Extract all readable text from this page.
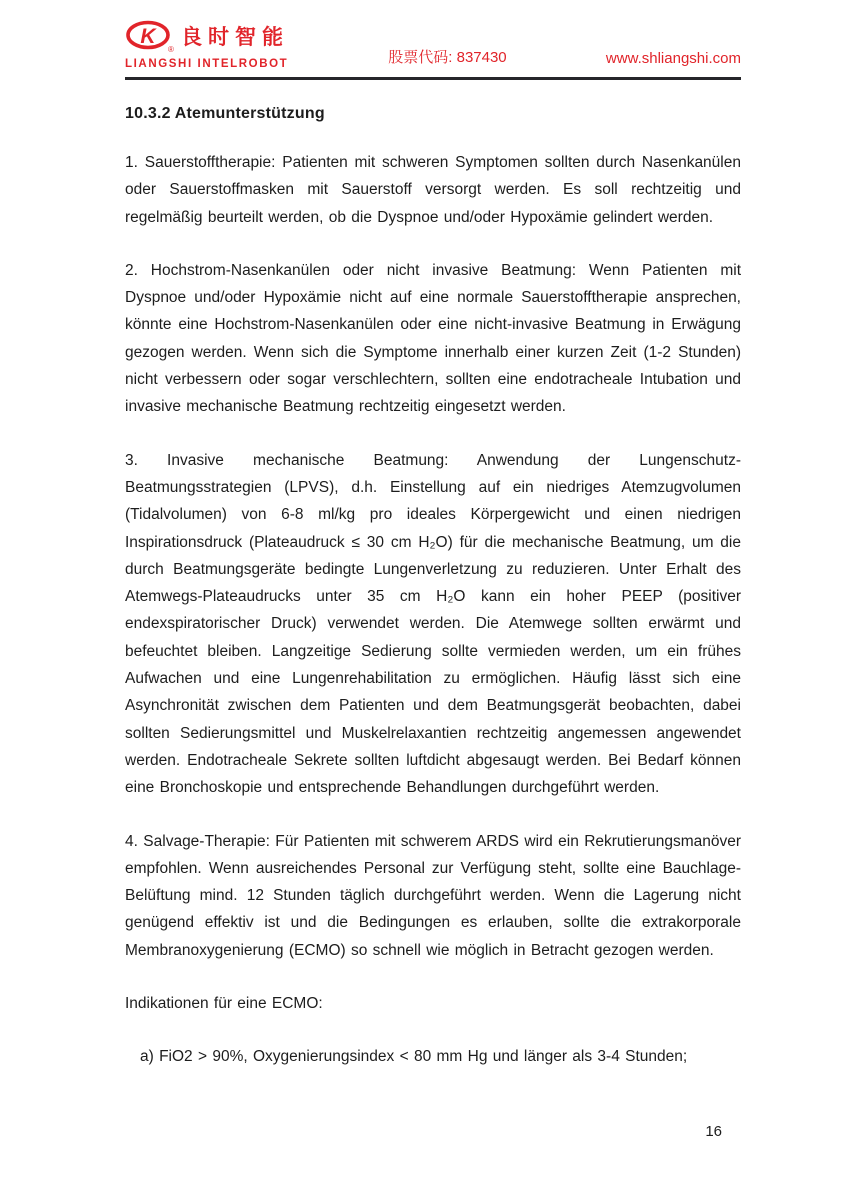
K
®
良时智能
LIANGSHI INTELROBOT	股票代码: 837430	www.shliangshi.com
10.3.2 Atemunterstützung

1. Sauerstofftherapie: Patienten mit schweren Symptomen sollten durch Nasenkanülen oder Sauerstoffmasken mit Sauerstoff versorgt werden. Es soll rechtzeitig und regelmäßig beurteilt werden, ob die Dyspnoe und/oder Hypoxämie gelindert werden.

2. Hochstrom-Nasenkanülen oder nicht invasive Beatmung: Wenn Patienten mit Dyspnoe und/oder Hypoxämie nicht auf eine normale Sauerstofftherapie ansprechen, könnte eine Hochstrom-Nasenkanülen oder eine nicht-invasive Beatmung in Erwägung gezogen werden. Wenn sich die Symptome innerhalb einer kurzen Zeit (1-2 Stunden) nicht verbessern oder sogar verschlechtern, sollten eine endotracheale Intubation und invasive mechanische Beatmung rechtzeitig eingesetzt werden.

3. Invasive mechanische Beatmung: Anwendung der Lungenschutz-Beatmungsstrategien (LPVS), d.h. Einstellung auf ein niedriges Atemzugvolumen (Tidalvolumen) von 6-8 ml/kg pro ideales Körpergewicht und einen niedrigen Inspirationsdruck (Plateaudruck ≤ 30 cm H₂O) für die mechanische Beatmung, um die durch Beatmungsgeräte bedingte Lungenverletzung zu reduzieren. Unter Erhalt des Atemwegs-Plateaudrucks unter 35 cm H₂O kann ein hoher PEEP (positiver endexspiratorischer Druck) verwendet werden. Die Atemwege sollten erwärmt und befeuchtet bleiben. Langzeitige Sedierung sollte vermieden werden, um ein frühes Aufwachen und eine Lungenrehabilitation zu ermöglichen. Häufig lässt sich eine Asynchronität zwischen dem Patienten und dem Beatmungsgerät beobachten, dabei sollten Sedierungsmittel und Muskelrelaxantien rechtzeitig angemessen angewendet werden. Endotracheale Sekrete sollten luftdicht abgesaugt werden. Bei Bedarf können eine Bronchoskopie und entsprechende Behandlungen durchgeführt werden.

4. Salvage-Therapie: Für Patienten mit schwerem ARDS wird ein Rekrutierungsmanöver empfohlen. Wenn ausreichendes Personal zur Verfügung steht, sollte eine Bauchlage-Belüftung mind. 12 Stunden täglich durchgeführt werden. Wenn die Lagerung nicht genügend effektiv ist und die Bedingungen es erlauben, sollte die extrakorporale Membranoxygenierung (ECMO) so schnell wie möglich in Betracht gezogen werden.

Indikationen für eine ECMO:

a) FiO2 > 90%, Oxygenierungsindex < 80 mm Hg und länger als 3-4 Stunden;

16
